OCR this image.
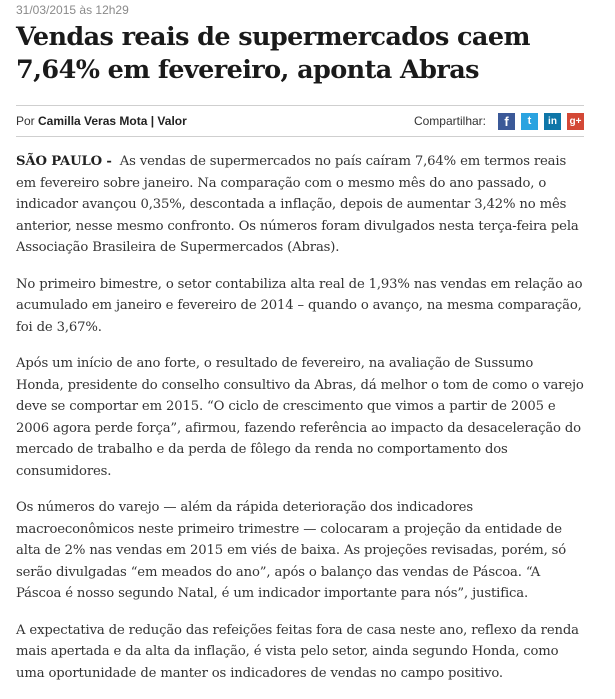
31/03/2015 às 12h29
Vendas reais de supermercados caem 7,64% em fevereiro, aponta Abras
Por Camilla Veras Mota | Valor	Compartilhar: f t in g+

SÃO PAULO - As vendas de supermercados no país caíram 7,64% em termos reais em fevereiro sobre janeiro. Na comparação com o mesmo mês do ano passado, o indicador avançou 0,35%, descontada a inflação, depois de aumentar 3,42% no mês anterior, nesse mesmo confronto. Os números foram divulgados nesta terça-feira pela Associação Brasileira de Supermercados (Abras).

No primeiro bimestre, o setor contabiliza alta real de 1,93% nas vendas em relação ao acumulado em janeiro e fevereiro de 2014 – quando o avanço, na mesma comparação, foi de 3,67%.

Após um início de ano forte, o resultado de fevereiro, na avaliação de Sussumo Honda, presidente do conselho consultivo da Abras, dá melhor o tom de como o varejo deve se comportar em 2015. “O ciclo de crescimento que vimos a partir de 2005 e 2006 agora perde força”, afirmou, fazendo referência ao impacto da desaceleração do mercado de trabalho e da perda de fôlego da renda no comportamento dos consumidores.

Os números do varejo — além da rápida deterioração dos indicadores macroeconômicos neste primeiro trimestre — colocaram a projeção da entidade de alta de 2% nas vendas em 2015 em viés de baixa. As projeções revisadas, porém, só serão divulgadas “em meados do ano”, após o balanço das vendas de Páscoa. “A Páscoa é nosso segundo Natal, é um indicador importante para nós”, justifica.

A expectativa de redução das refeições feitas fora de casa neste ano, reflexo da renda mais apertada e da alta da inflação, é vista pelo setor, ainda segundo Honda, como uma oportunidade de manter os indicadores de vendas no campo positivo.
